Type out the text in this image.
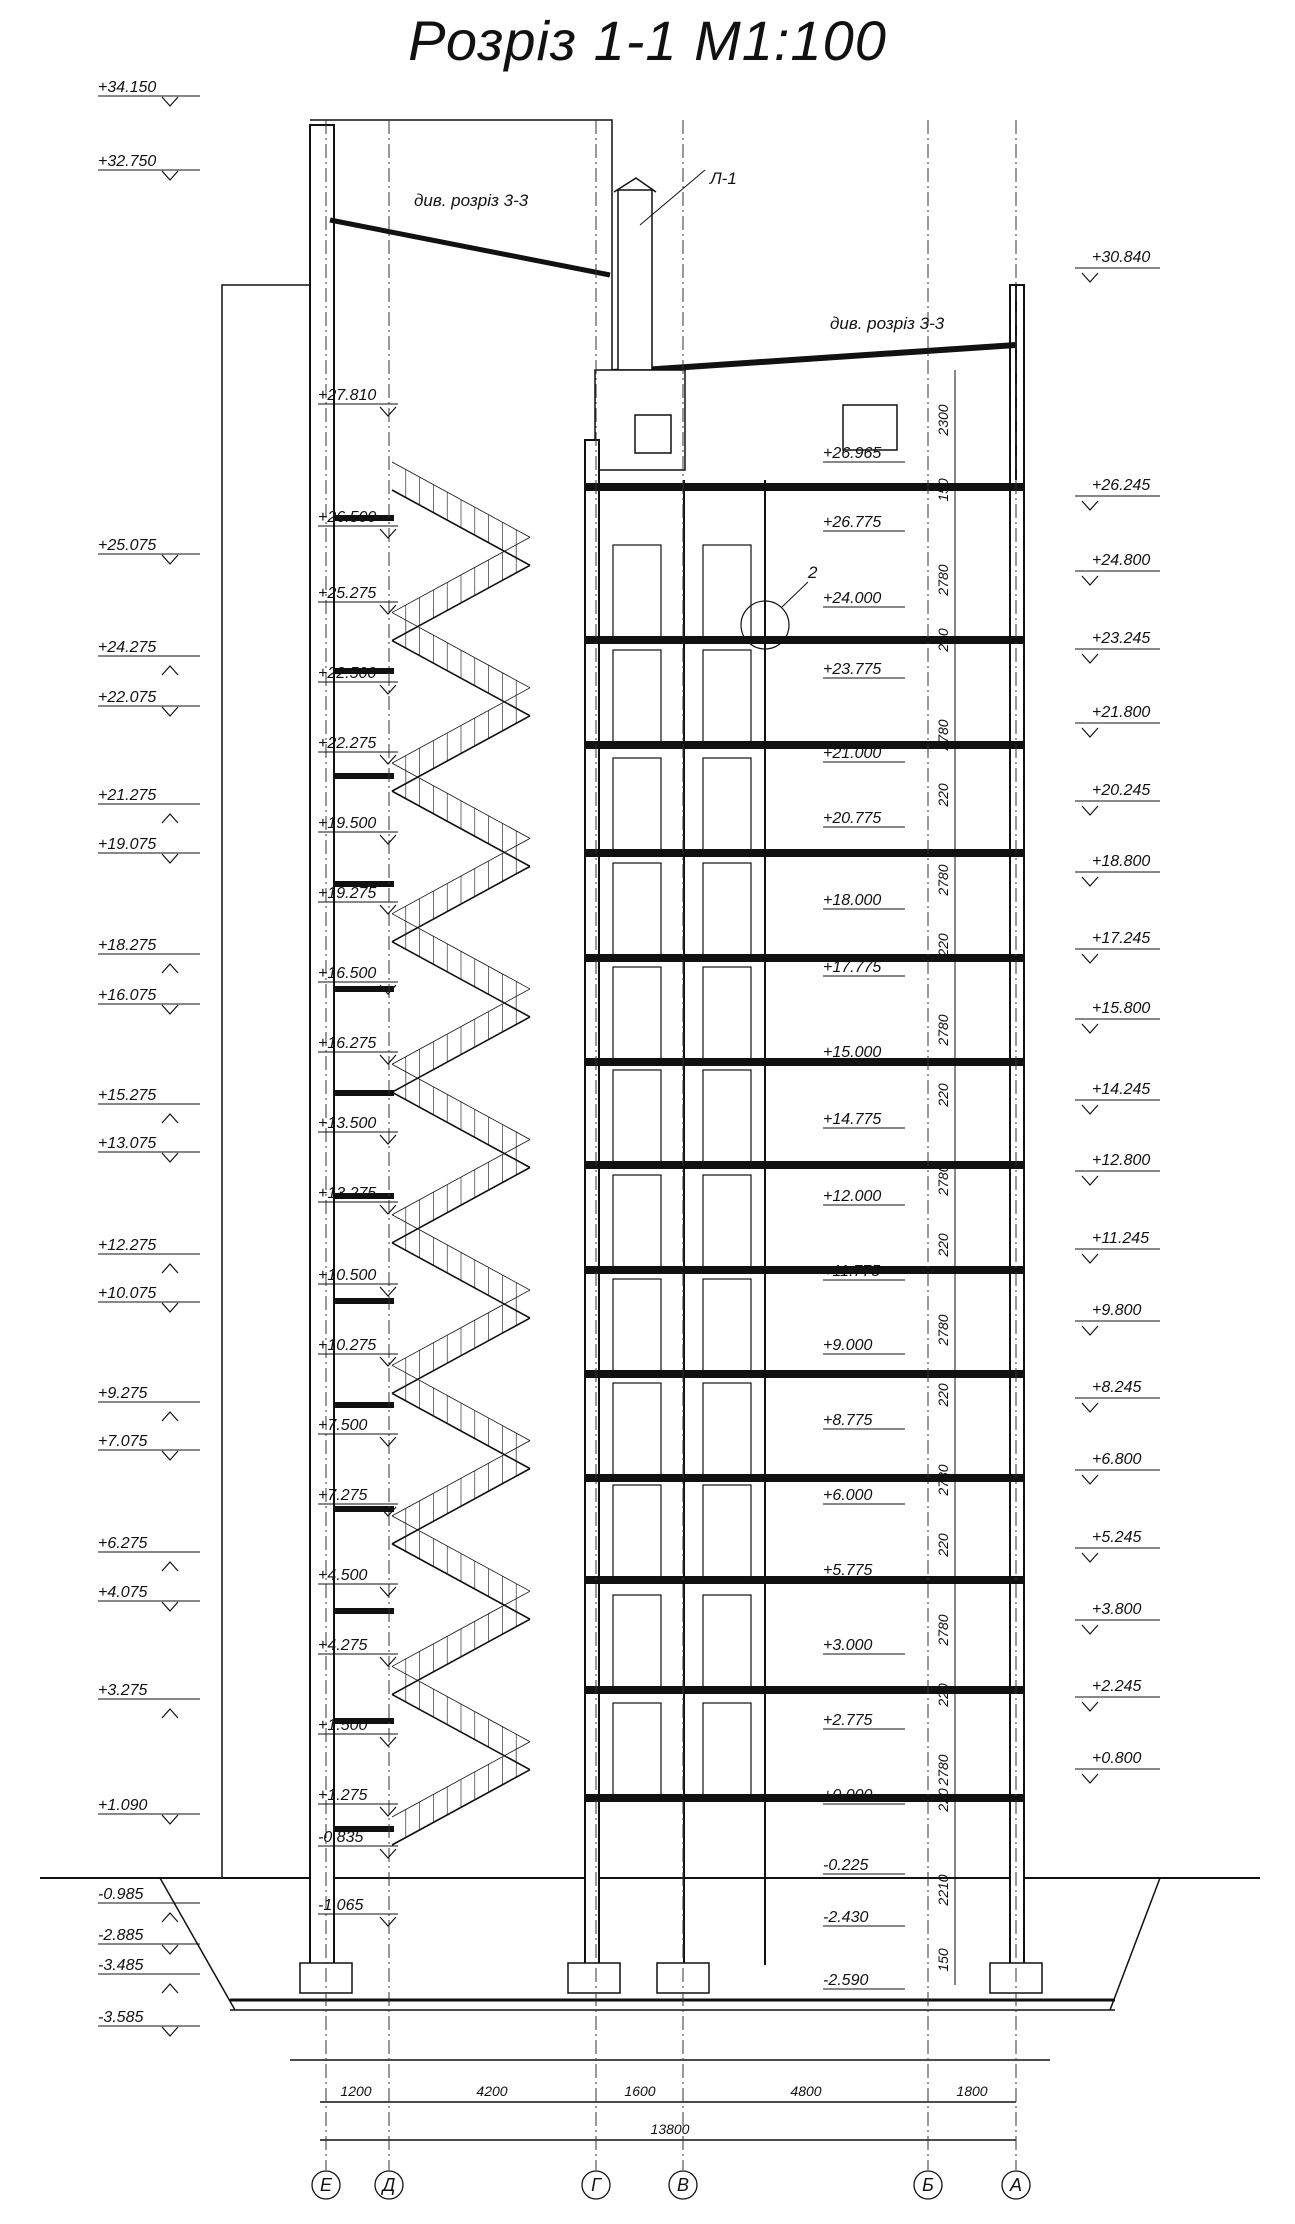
Розріз 1-1 М1:100
Е	Д	Г	В	Б	А
1200	4200	1600	4800	1800
13800
+34.150
+32.750
+25.075
+24.275
+22.075
+21.275
+19.075
+18.275
+16.075
+15.275
+13.075
+12.275
+10.075
+9.275
+7.075
+6.275
+4.075
+3.275
+1.090
-0.985
-2.885
-3.485
-3.585
+27.810
+26.500
+25.275
+22.500
+22.275
+19.500
+19.275
+16.500
+16.275
+13.500
+13.275
+10.500
+10.275
+7.500
+7.275
+4.500
+4.275
+1.500
+1.275
-0.835
-1.065
+26.965
+26.775
+24.000
+23.775
+21.000
+20.775
+18.000
+17.775
+15.000
+14.775
+12.000
+11.775
+9.000
+8.775
+6.000
+5.775
+3.000
+2.775
+0.000
-0.225
-2.430
-2.590
+30.840
+26.245
+24.800
+23.245
+21.800
+20.245
+18.800
+17.245
+15.800
+14.245
+12.800
+11.245
+9.800
+8.245
+6.800
+5.245
+3.800
+2.245
+0.800
2300
150
2780
220
2780
220
2780
220
2780
220
2780
220
2780
220
2780
220
2780
220
2780
220
2210
150
див. розріз 3-3
див. розріз 3-3
Л-1
2
